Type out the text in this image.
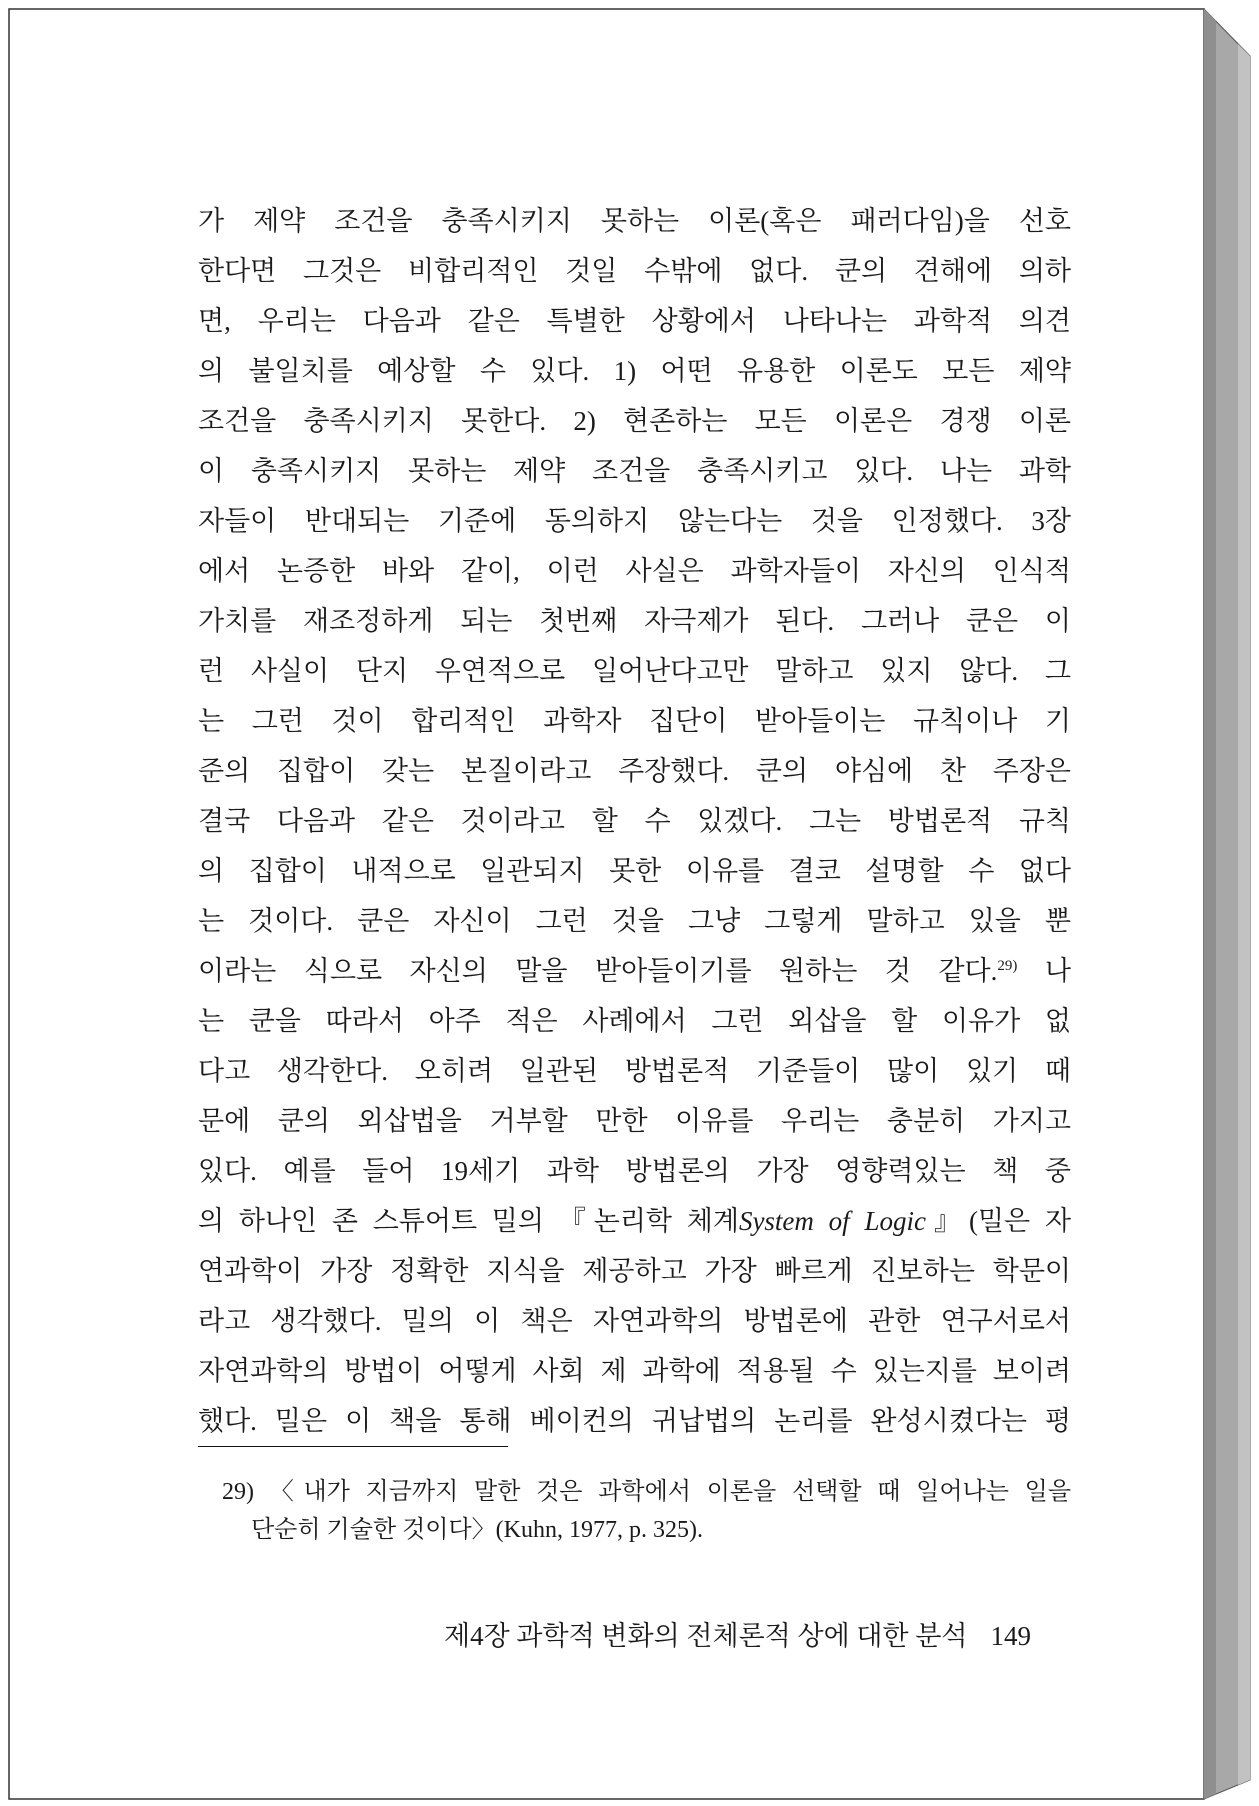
가 제약 조건을 충족시키지 못하는 이론(혹은 패러다임)을 선호
한다면 그것은 비합리적인 것일 수밖에 없다. 쿤의 견해에 의하
면, 우리는 다음과 같은 특별한 상황에서 나타나는 과학적 의견
의 불일치를 예상할 수 있다. 1) 어떤 유용한 이론도 모든 제약
조건을 충족시키지 못한다. 2) 현존하는 모든 이론은 경쟁 이론
이 충족시키지 못하는 제약 조건을 충족시키고 있다. 나는 과학
자들이 반대되는 기준에 동의하지 않는다는 것을 인정했다. 3장
에서 논증한 바와 같이, 이런 사실은 과학자들이 자신의 인식적
가치를 재조정하게 되는 첫번째 자극제가 된다. 그러나 쿤은 이
런 사실이 단지 우연적으로 일어난다고만 말하고 있지 않다. 그
는 그런 것이 합리적인 과학자 집단이 받아들이는 규칙이나 기
준의 집합이 갖는 본질이라고 주장했다. 쿤의 야심에 찬 주장은
결국 다음과 같은 것이라고 할 수 있겠다. 그는 방법론적 규칙
의 집합이 내적으로 일관되지 못한 이유를 결코 설명할 수 없다
는 것이다. 쿤은 자신이 그런 것을 그냥 그렇게 말하고 있을 뿐
이라는 식으로 자신의 말을 받아들이기를 원하는 것 같다.$^{29)}$ 나
는 쿤을 따라서 아주 적은 사례에서 그런 외삽을 할 이유가 없
다고 생각한다. 오히려 일관된 방법론적 기준들이 많이 있기 때
문에 쿤의 외삽법을 거부할 만한 이유를 우리는 충분히 가지고
있다. 예를 들어 19세기 과학 방법론의 가장 영향력있는 책 중
의 하나인 존 스튜어트 밀의 『논리학 체계System of Logic』(밀은 자
연과학이 가장 정확한 지식을 제공하고 가장 빠르게 진보하는 학문이
라고 생각했다. 밀의 이 책은 자연과학의 방법론에 관한 연구서로서
자연과학의 방법이 어떻게 사회 제 과학에 적용될 수 있는지를 보이려
했다. 밀은 이 책을 통해 베이컨의 귀납법의 논리를 완성시켰다는 평
29) 〈내가 지금까지 말한 것은 과학에서 이론을 선택할 때 일어나는 일을
단순히 기술한 것이다〉(Kuhn, 1977, p. 325).
제4장 과학적 변화의 전체론적 상에 대한 분석 149
